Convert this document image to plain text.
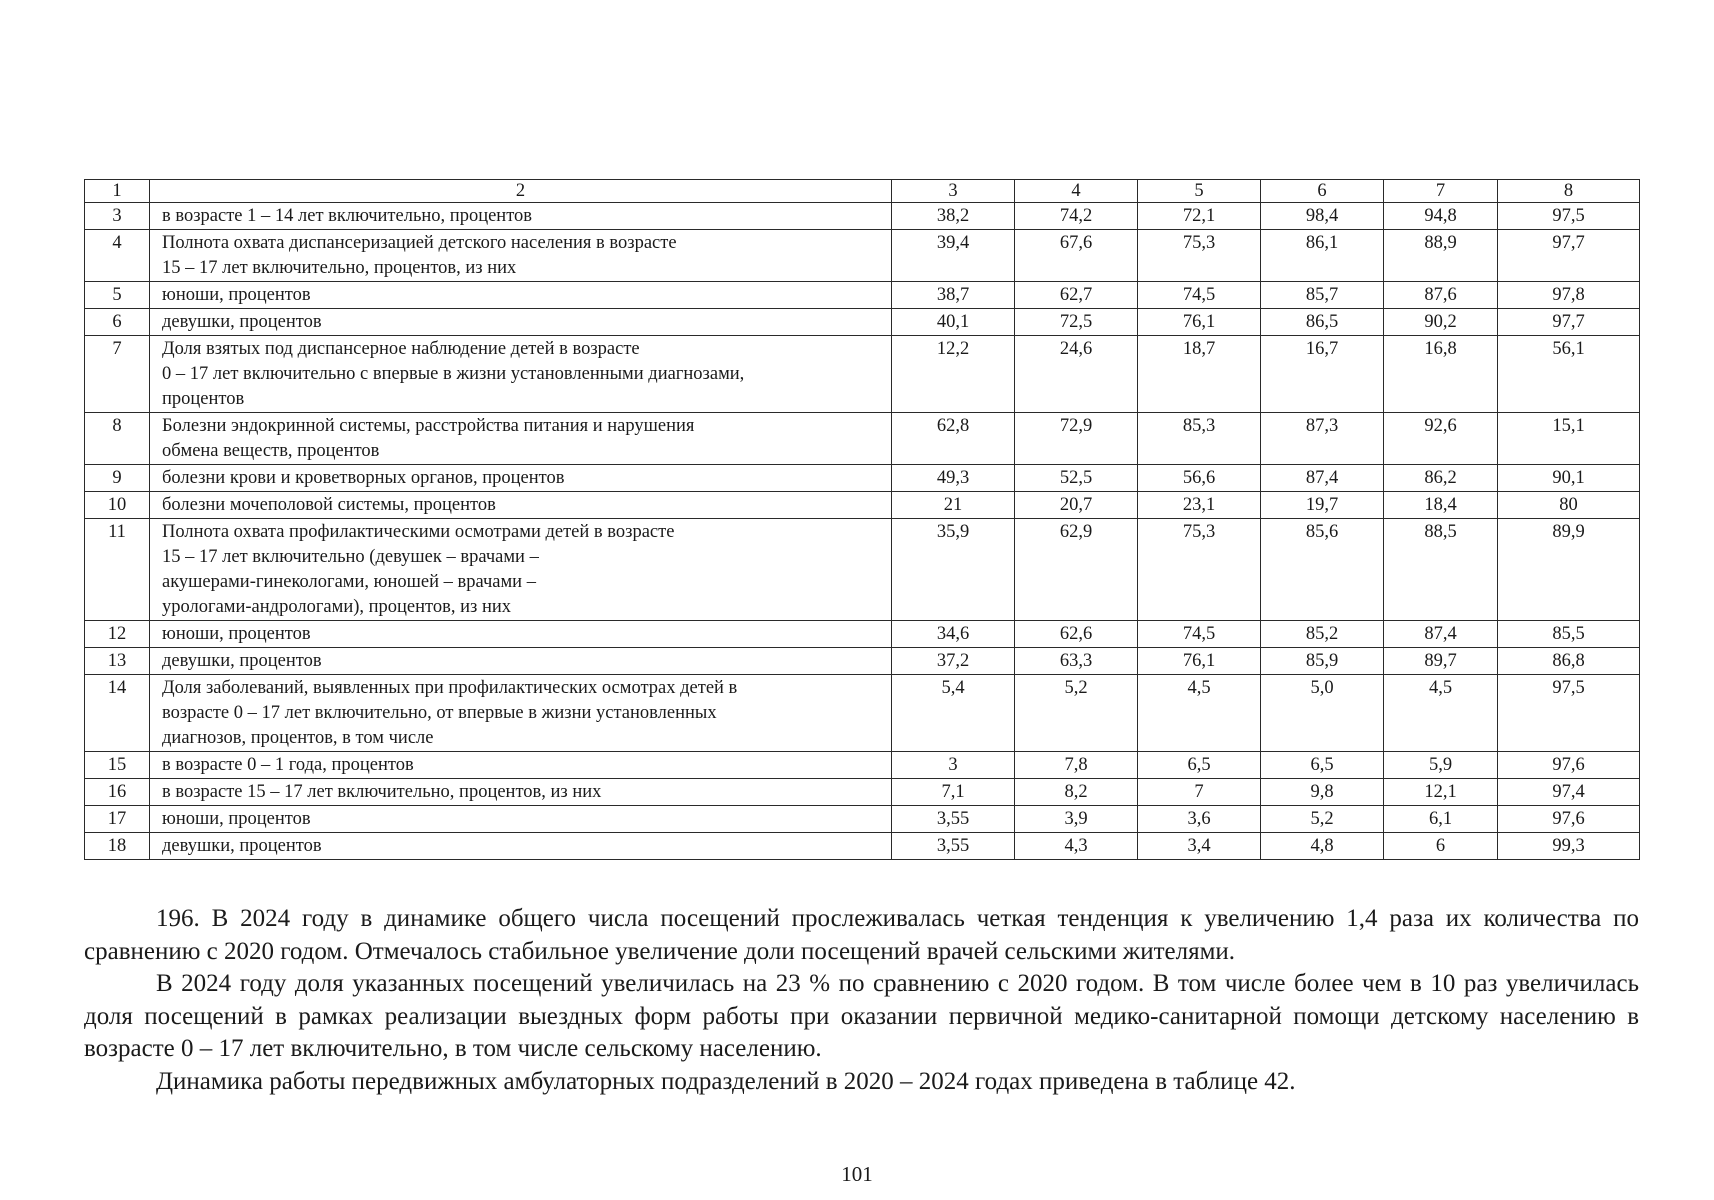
1	2	3	4	5	6	7	8
3	в возрасте 1 – 14 лет включительно, процентов	38,2	74,2	72,1	98,4	94,8	97,5
4	Полнота охвата диспансеризацией детского населения в возрасте
15 – 17 лет включительно, процентов, из них	39,4	67,6	75,3	86,1	88,9	97,7
5	юноши, процентов	38,7	62,7	74,5	85,7	87,6	97,8
6	девушки, процентов	40,1	72,5	76,1	86,5	90,2	97,7
7	Доля взятых под диспансерное наблюдение детей в возрасте
0 – 17 лет включительно с впервые в жизни установленными диагнозами,
процентов	12,2	24,6	18,7	16,7	16,8	56,1
8	Болезни эндокринной системы, расстройства питания и нарушения
обмена веществ, процентов	62,8	72,9	85,3	87,3	92,6	15,1
9	болезни крови и кроветворных органов, процентов	49,3	52,5	56,6	87,4	86,2	90,1
10	болезни мочеполовой системы, процентов	21	20,7	23,1	19,7	18,4	80
11	Полнота охвата профилактическими осмотрами детей в возрасте
15 – 17 лет включительно (девушек – врачами –
акушерами-гинекологами, юношей – врачами –
урологами-андрологами), процентов, из них	35,9	62,9	75,3	85,6	88,5	89,9
12	юноши, процентов	34,6	62,6	74,5	85,2	87,4	85,5
13	девушки, процентов	37,2	63,3	76,1	85,9	89,7	86,8
14	Доля заболеваний, выявленных при профилактических осмотрах детей в
возрасте 0 – 17 лет включительно, от впервые в жизни установленных
диагнозов, процентов, в том числе	5,4	5,2	4,5	5,0	4,5	97,5
15	в возрасте 0 – 1 года, процентов	3	7,8	6,5	6,5	5,9	97,6
16	в возрасте 15 – 17 лет включительно, процентов, из них	7,1	8,2	7	9,8	12,1	97,4
17	юноши, процентов	3,55	3,9	3,6	5,2	6,1	97,6
18	девушки, процентов	3,55	4,3	3,4	4,8	6	99,3

196. В 2024 году в динамике общего числа посещений прослеживалась четкая тенденция к увеличению 1,4 раза их количества по сравнению с 2020 годом. Отмечалось стабильное увеличение доли посещений врачей сельскими жителями.

В 2024 году доля указанных посещений увеличилась на 23 % по сравнению с 2020 годом. В том числе более чем в 10 раз увеличилась доля посещений в рамках реализации выездных форм работы при оказании первичной медико-санитарной помощи детскому населению в возрасте 0 – 17 лет включительно, в том числе сельскому населению.

Динамика работы передвижных амбулаторных подразделений в 2020 – 2024 годах приведена в таблице 42.

101
